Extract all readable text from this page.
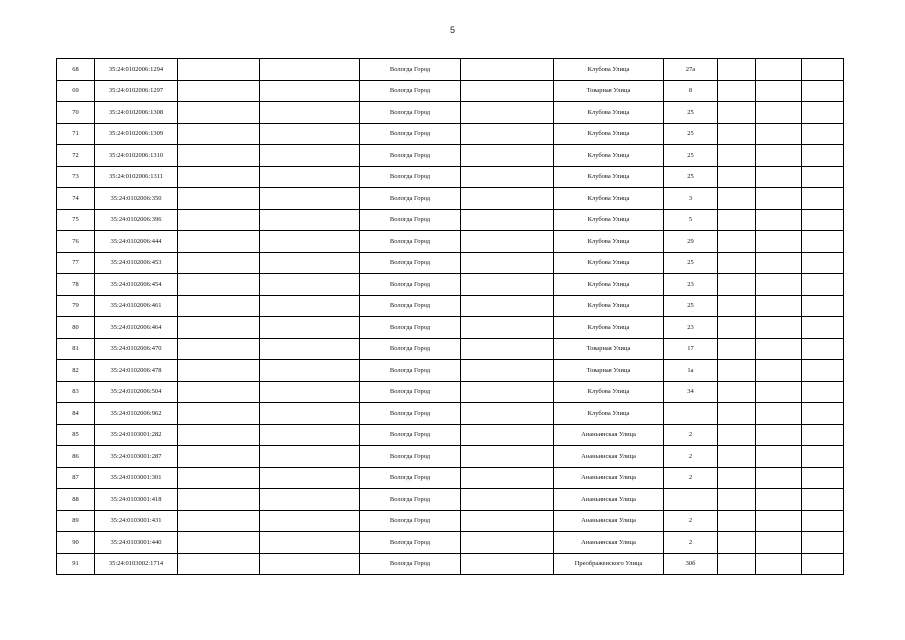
5
68	35:24:0102006:1294			Вологда Город		Клубова Улица	27а			
69	35:24:0102006:1297			Вологда Город		Товарная Улица	8			
70	35:24:0102006:1308			Вологда Город		Клубова Улица	25			
71	35:24:0102006:1309			Вологда Город		Клубова Улица	25			
72	35:24:0102006:1310			Вологда Город		Клубова Улица	25			
73	35:24:0102006:1311			Вологда Город		Клубова Улица	25			
74	35:24:0102006:350			Вологда Город		Клубова Улица	3			
75	35:24:0102006:396			Вологда Город		Клубова Улица	5			
76	35:24:0102006:444			Вологда Город		Клубова Улица	29			
77	35:24:0102006:453			Вологда Город		Клубова Улица	25			
78	35:24:0102006:454			Вологда Город		Клубова Улица	23			
79	35:24:0102006:461			Вологда Город		Клубова Улица	25			
80	35:24:0102006:464			Вологда Город		Клубова Улица	23			
81	35:24:0102006:470			Вологда Город		Товарная Улица	17			
82	35:24:0102006:478			Вологда Город		Товарная Улица	1а			
83	35:24:0102006:504			Вологда Город		Клубова Улица	34			
84	35:24:0102006:962			Вологда Город		Клубова Улица				
85	35:24:0103001:282			Вологда Город		Ананьинская Улица	2			
86	35:24:0103001:287			Вологда Город		Ананьинская Улица	2			
87	35:24:0103001:301			Вологда Город		Ананьинская Улица	2			
88	35:24:0103001:418			Вологда Город		Ананьинская Улица				
89	35:24:0103001:431			Вологда Город		Ананьинская Улица	2			
90	35:24:0103001:440			Вологда Город		Ананьинская Улица	2			
91	35:24:0103002:1714			Вологда Город		Преображенского Улица	30б			
